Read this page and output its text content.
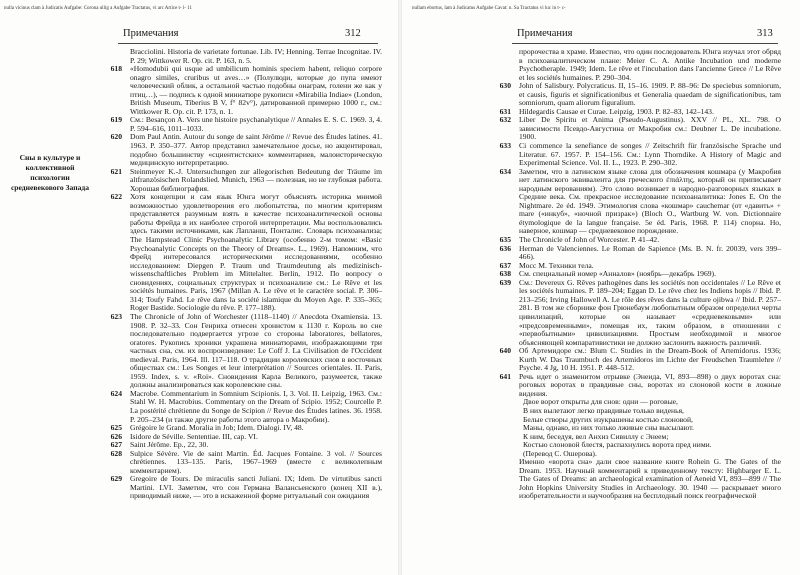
nulla vicinus clam à Judicatis Aufgabe: Corona ullig a Aufgabe Tractatus, vi arc Artice t- l- 11
Примечания	312
Сны в культуре и коллективной психологии средневекового Запада
Bracciolini. Historia de varietate fortunae. Lib. IV; Henning. Terrae Incognitae. IV. P. 29; Wittkower R. Op. cit. P. 163, n. 5.
618	«Homodubii qui usque ad umbilicum hominis speciem habent, reliquo corpore onagro similes, cruribus ut aves…» (Полулюди, которые до пупа имеют человеческий облик, а остальной частью подобны онаграм, голени же как у птиц…), — подпись к одной миниатюре рукописи «Mirabilia Indiae» (London, British Museum, Tiberius B V, f° 82v°), датированной примерно 1000 г., см.: Wittkower R. Op. cit. P. 173, n. 1.
619	См.: Besançon A. Vers une histoire psychanalytique // Annales E. S. C. 1969. 3, 4. P. 594–616, 1011–1033.
620	Dom Paul Antin. Autour du songe de saint Jérôme // Revue des Études latines. 41. 1963. P. 350–377. Автор представил замечательное досье, но акцентировал, подобно большинству «сциентистских» комментариев, малоисторическую медицинскую интерпретацию.
621	Steinmeyer K.-J. Untersuchungen zur allegorischen Bedeutung der Träume im altfranzösischen Rolandslied. Munich, 1963 — полезная, но не глубокая работа. Хорошая библиография.
622	Хотя концепции и сам язык Юнга могут объяснять историка мнимой возможностью удовлетворения его любопытства, по многим критериям представляется разумным взять в качестве психоаналитической основы работы Фрейда в их наиболее строгой интерпретации. Мы воспользовались здесь такими источниками, как Лапланш, Понталис. Словарь психоанализа; The Hampstead Clinic Psychoanalytic Library (особенно 2-м томом: «Basic Psychoanalytic Concepts on the Theory of Dreams». L., 1969). Напомним, что Фрейд интересовался историческими исследованиями, особенно исследованием: Diepgen P. Traum und Traumdeutung als medizinisch-wissenschaftliches Problem im Mittelalter. Berlin, 1912. По вопросу о сновидениях, социальных структурах и психоанализе см.: Le Rêve et les sociétés humaines. Paris, 1967 (Millan A. Le rêve et le caractère social. P. 306–314; Toufy Fahd. Le rêve dans la société islamique du Moyen Age. P. 335–365; Roger Bastide. Sociologie du rêve. P. 177–188).
623	The Chronicle of John of Worchester (1118–1140) // Anecdota Oxamiensia. 13. 1908. P. 32–33. Сон Генриха отнесен хронистом к 1130 г. Король во сне последовательно подвергается угрозе со стороны laboratores, bellatores, oratores. Рукопись хроники украшена миниатюрами, изображающими три частных сна, см. их воспроизведение: Le Coff J. La Civilisation de l'Occident medieval. Paris, 1964. Ill. 117–118. О традиции королевских снов в восточных обществах см.: Les Songes et leur interprétation // Sources orientales. II. Paris, 1959. Index, s. v. «Roi». Сновидения Карла Великого, разумеется, также должны анализироваться как королевские сны.
624	Macrobe. Commentarium in Somnium Scipionis. I, 3. Vol. II. Leipzig, 1963. См.: Stahl W. H. Macrobius. Commentary on the Dream of Scipio. 1952; Courcelle P. La postérité chrétienne du Songe de Scipion // Revue des Études latines. 36. 1958. P. 205–234 (и также другие работы этого автора о Макробии).
625	Grégoire le Grand. Moralia in Job; Idem. Dialogi. IV, 48.
626	Isidore de Séville. Sententiae. III, cap. VI.
627	Saint Jérôme. Ep., 22, 30.
628	Sulpice Sévère. Vie de saint Martin. Éd. Jacques Fontaine. 3 vol. // Sources chrétiennes. 133–135. Paris, 1967–1969 (вместе с великолепным комментарием).
629	Gregoire de Tours. De miraculis sancti Juliani. IX; Idem. De virtutibus sancti Martini. LVI. Заметим, что сон Германа Валансьенского (конец XII в.), приводимый ниже, — это в искаженной форме ритуальный сон ожидания
nullam ebortus, lam à Judicatus Aufgabe Cavat: n. Sa Tractatus vi luc in t- c-
Примечания	313
пророчества в храме. Известно, что один последователь Юнга изучал этот обряд в психоаналитическом плане: Meier C. A. Antike Incubation und moderne Psychotheraple. 1949; Idem. Le rêve et l'incubation dans l'ancienne Grece // Le Rêve et les sociétés humaines. P. 290–304.
630	John of Salisbury. Polycraticus. II, 15–16. 1909. P. 88–96: De speciebus somniorum, et causis, figuris et significationibus et Generalia quaedam de significationibus, tam somniorum, quam aliorum figuralium.
631	Hildegardis Causae et Curae. Leipzig, 1903. P. 82–83, 142–143.
632	Liber De Spiritu et Anima (Pseudo-Augustinus). XXV // PL, XL. 798. О зависимости Псевдо-Августина от Макробия см.: Deubner L. De incubatione. 1900.
633	Ci commence la senefiance de songes // Zeitschrift für französische Sprache und Literatur. 67. 1957. P. 154–156. См.: Lynn Thorndike. A History of Magic and Experimental Science. Vol. II. L., 1923. P. 290–302.
634	Заметим, что в латинском языке слова для обозначения кошмара (у Макробия нет латинского эквивалента для греческого ἐπιάλτης, который он приписывает народным верованиям). Это слово возникает в народно-разговорных языках в Средние века. См. прекрасное исследование психоаналитика: Jones E. On the Nightmare. 2e éd. 1949. Этимология слова «кошмар» cauchemar (от «давить» + mare («инкуб», «ночной призрак») (Bloch O., Wartburg W. von. Dictionnaire étymologique de la langue française. 5e éd. Paris, 1968. P. 114) спорна. Но, наверное, кошмар — средневековое порождение.
635	The Chronicle of John of Worcester. P. 41–42.
636	Herman de Valenciennes. Le Roman de Sapience (Ms. B. N. fr. 20039, vers 399–466).
637	Мосс М. Техники тела.
638	См. специальный номер «Анналов» (ноябрь—декабрь 1969).
639	См.: Devereux G. Rêves pathogènes dans les sociétés non occidentales // Le Rêve et les sociétés humaines. P. 189–204; Eggan D. Le rêve chez les Indiens hopis // Ibid. P. 213–256; Irving Hallowell A. Le rôle des rêves dans la culture ojibwa // Ibid. P. 257–281. В том же сборнике фон Грюнебаум любопытным образом определил черты цивилизаций, которые он называет «средневековыми» или «предсовременными», помещая их, таким образом, в отношении с «первобытными» цивилизациями. Простым необходимой и многое объясняющей компаративистики не должно заслонить важность различий.
640	Об Артемидоре см.: Blum C. Studies in the Dream-Book of Artemidorus. 1936; Kurth W. Das Traumbuch des Artemidoros im Lichte der Freudschen Traumlehre // Psyche. 4 Jg, 10 H. 1951. P. 448–512.
641	Речь идет о знаменитом отрывке (Энеида, VI, 893—898) о двух воротах сна: роговых воротах в правдивые сны, воротах из слоновой кости в ложные видения.
Двое ворот открыты для снов: одни — роговые,
В них вылетают легко правдивые только виденья,
Белые створы других изукрашены костью слоновой,
Маны, однако, из них только лживые сны высылают.
К ним, беседуя, вел Анхиз Сивиллу с Энеем;
Костью слоновой блестя, распахнулись ворота пред ними.
(Перевод С. Ошерова).
Именно «ворота сна» дали свое название книге Rohein G. The Gates of the Dream. 1953. Научный комментарий к приведенному тексту: Highbarger E. L. The Gates of Dreams: an archaeological examination of Aeneid VI, 893—899 // The John Hopkins University Studies in Archaeology. 30. 1940 — раскрывает много изобретательности и научообразия на бесплодный поиск географической
